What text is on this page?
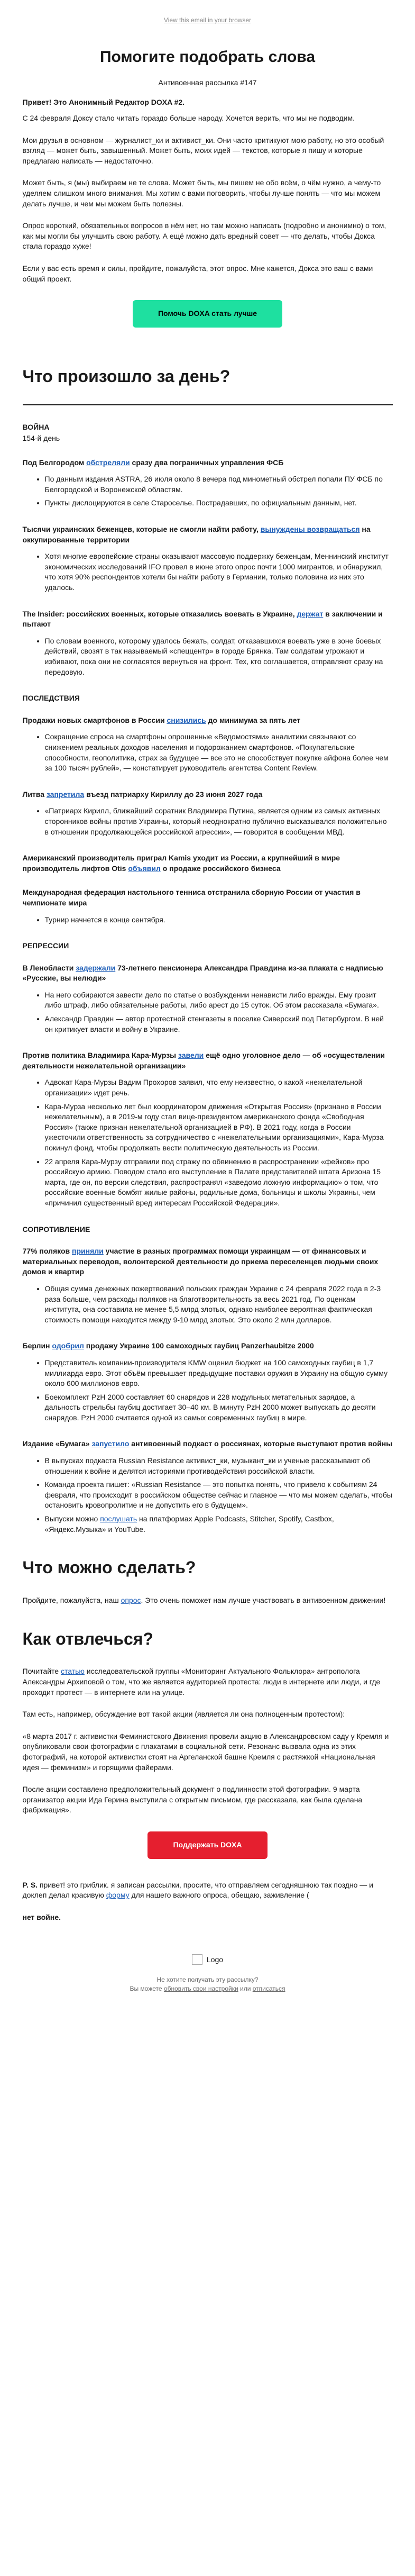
View this email in your browser
Помогите подобрать слова
Антивоенная рассылка #147

Привет! Это Анонимный Редактор DOXA #2.

С 24 февраля Доксу стало читать гораздо больше народу. Хочется верить, что мы не подводим.

Мои друзья в основном — журналист_ки и активист_ки. Они часто критикуют мою работу, но это особый взгляд — может быть, завышенный. Может быть, моих идей — текстов, которые я пишу и которые предлагаю написать — недостаточно.

Может быть, я (мы) выбираем не те слова. Может быть, мы пишем не обо всём, о чём нужно, а чему-то уделяем слишком много внимания. Мы хотим с вами поговорить, чтобы лучше понять — что мы можем делать лучше, и чем мы можем быть полезны.

Опрос короткий, обязательных вопросов в нём нет, но там можно написать (подробно и анонимно) о том, как мы могли бы улучшить свою работу. А ещё можно дать вредный совет — что делать, чтобы Докса стала гораздо хуже!

Если у вас есть время и силы, пройдите, пожалуйста, этот опрос. Мне кажется, Докса это ваш с вами общий проект.

Помочь DOXA стать лучше
Что произошло за день?
ВОЙНА
154-й день
Под Белгородом обстреляли сразу два пограничных управления ФСБ
• По данным издания ASTRA, 26 июля около 8 вечера под минометный обстрел попали ПУ ФСБ по Белгородской и Воронежской областям.
• Пункты дислоцируются в селе Староселье. Пострадавших, по официальным данным, нет.
Тысячи украинских беженцев, которые не смогли найти работу, вынуждены возвращаться на оккупированные территории
• Хотя многие европейские страны оказывают массовую поддержку беженцам, Меннинский институт экономических исследований IFO провел в июне этого опрос почти 1000 мигрантов, и обнаружил, что хотя 90% респондентов хотели бы найти работу в Германии, только половина из них это удалось.
The Insider: российских военных, которые отказались воевать в Украине, держат в заключении и пытают
• По словам военного, которому удалось бежать, солдат, отказавшихся воевать уже в зоне боевых действий, свозят в так называемый «спеццентр» в городе Брянка. Там солдатам угрожают и избивают, пока они не согласятся вернуться на фронт. Тех, кто соглашается, отправляют сразу на передовую.
ПОСЛЕДСТВИЯ
Продажи новых смартфонов в России снизились до минимума за пять лет
• Сокращение спроса на смартфоны опрошенные «Ведомостями» аналитики связывают со снижением реальных доходов населения и подорожанием смартфонов. «Покупательские способности, геополитика, страх за будущее — все это не способствует покупке айфона более чем за 100 тысяч рублей», — констатирует руководитель агентства Content Review.
Литва запретила въезд патриарху Кириллу до 23 июня 2027 года
• «Патриарх Кирилл, ближайший соратник Владимира Путина, является одним из самых активных сторонников войны против Украины, который неоднократно публично высказывался положительно в отношении продолжающейся российской агрессии», — говорится в сообщении МВД.
Американский производитель приграл Kamis уходит из России, а крупнейший в мире производитель лифтов Otis объявил о продаже российского бизнеса
Международная федерация настольного тенниса отстранила сборную России от участия в чемпионате мира
• Турнир начнется в конце сентября.
РЕПРЕССИИ
В Ленобласти задержали 73-летнего пенсионера Александра Правдина из-за плаката с надписью «Русские, вы нелюди»
• На него собираются завести дело по статье о возбуждении ненависти либо вражды. Ему грозит либо штраф, либо обязательные работы, либо арест до 15 суток. Об этом рассказала «Бумага».
• Александр Правдин — автор протестной стенгазеты в поселке Сиверский под Петербургом. В ней он критикует власти и войну в Украине.
Против политика Владимира Кара-Мурзы завели ещё одно уголовное дело — об «осуществлении деятельности нежелательной организации»
• Адвокат Кара-Мурзы Вадим Прохоров заявил, что ему неизвестно, о какой «нежелательной организации» идет речь.
• Кара-Мурза несколько лет был координатором движения «Открытая Россия» (признано в России нежелательным), а в 2019-м году стал вице-президентом американского фонда «Свободная Россия» (также признан нежелательной организацией в РФ). В 2021 году, когда в России ужесточили ответственность за сотрудничество с «нежелательными организациями», Кара-Мурза покинул фонд, чтобы продолжать вести политическую деятельность из России.
• 22 апреля Кара-Мурзу отправили под стражу по обвинению в распространении «фейков» про российскую армию. Поводом стало его выступление в Палате представителей штата Аризона 15 марта, где он, по версии следствия, распространял «заведомо ложную информацию» о том, что российские военные бомбят жилые районы, родильные дома, больницы и школы Украины, чем «причинил существенный вред интересам Российской Федерации».
СОПРОТИВЛЕНИЕ
77% поляков приняли участие в разных программах помощи украинцам — от финансовых и материальных переводов, волонтерской деятельности до приема переселенцев людьми своих домов и квартир
• Общая сумма денежных пожертвований польских граждан Украине с 24 февраля 2022 года в 2-3 раза больше, чем расходы поляков на благотворительность за весь 2021 год. По оценкам института, она составила не менее 5,5 млрд злотых, однако наиболее вероятная фактическая стоимость помощи находится между 9-10 млрд злотых. Это около 2 млн долларов.
Берлин одобрил продажу Украине 100 самоходных гаубиц Panzerhaubitze 2000
• Представитель компании-производителя KMW оценил бюджет на 100 самоходных гаубиц в 1,7 миллиарда евро. Этот объём превышает предыдущие поставки оружия в Украину на общую сумму около 600 миллионов евро.
• Боекомплект PzH 2000 составляет 60 снарядов и 228 модульных метательных зарядов, а дальность стрельбы гаубиц достигает 30–40 км. В минуту PzH 2000 может выпускать до десяти снарядов. PzH 2000 считается одной из самых современных гаубиц в мире.
Издание «Бумага» запустило антивоенный подкаст о россиянах, которые выступают против войны
• В выпусках подкаста Russian Resistance активист_ки, музыкант_ки и ученые рассказывают об отношении к войне и делятся историями противодействия российской власти.
• Команда проекта пишет: «Russian Resistance — это попытка понять, что привело к событиям 24 февраля, что происходит в российском обществе сейчас и главное — что мы можем сделать, чтобы остановить кровопролитие и не допустить его в будущем».
• Выпуски можно послушать на платформах Apple Podcasts, Stitcher, Spotify, Castbox, «Яндекс.Музыка» и YouTube.
Что можно сделать?

Пройдите, пожалуйста, наш опрос. Это очень поможет нам лучше участвовать в антивоенном движении!

Как отвлечься?

Почитайте статью исследовательской группы «Мониторинг Актуального Фольклора» антрополога Александры Архиповой о том, что же является аудиторией протеста: люди в интернете или люди, и где проходит протест — в интернете или на улице.

Там есть, например, обсуждение вот такой акции (является ли она полноценным протестом):

«8 марта 2017 г. активистки Феминистского Движения провели акцию в Александровском саду у Кремля и опубликовали свои фотографии с плакатами в социальной сети. Резонанс вызвала одна из этих фотографий, на которой активистки стоят на Аргеланской башне Кремля с растяжкой «Национальная идея — феминизм» и горящими файерами.

После акции составлено предположительный документ о подлинности этой фотографии. 9 марта организатор акции Ида Герина выступила с открытым письмом, где рассказала, как была сделана фабрикация».

Поддержать DOXA

P. S. привет! это гриблик. я записан рассылки, просите, что отправляем сегодняшнюю так поздно — и доклеп делал красивую форму для нашего важного опроса, обещаю, заживление (

нет войне.

Logo
Не хотите получать эту рассылку?
Вы можете обновить свои настройки или отписаться
